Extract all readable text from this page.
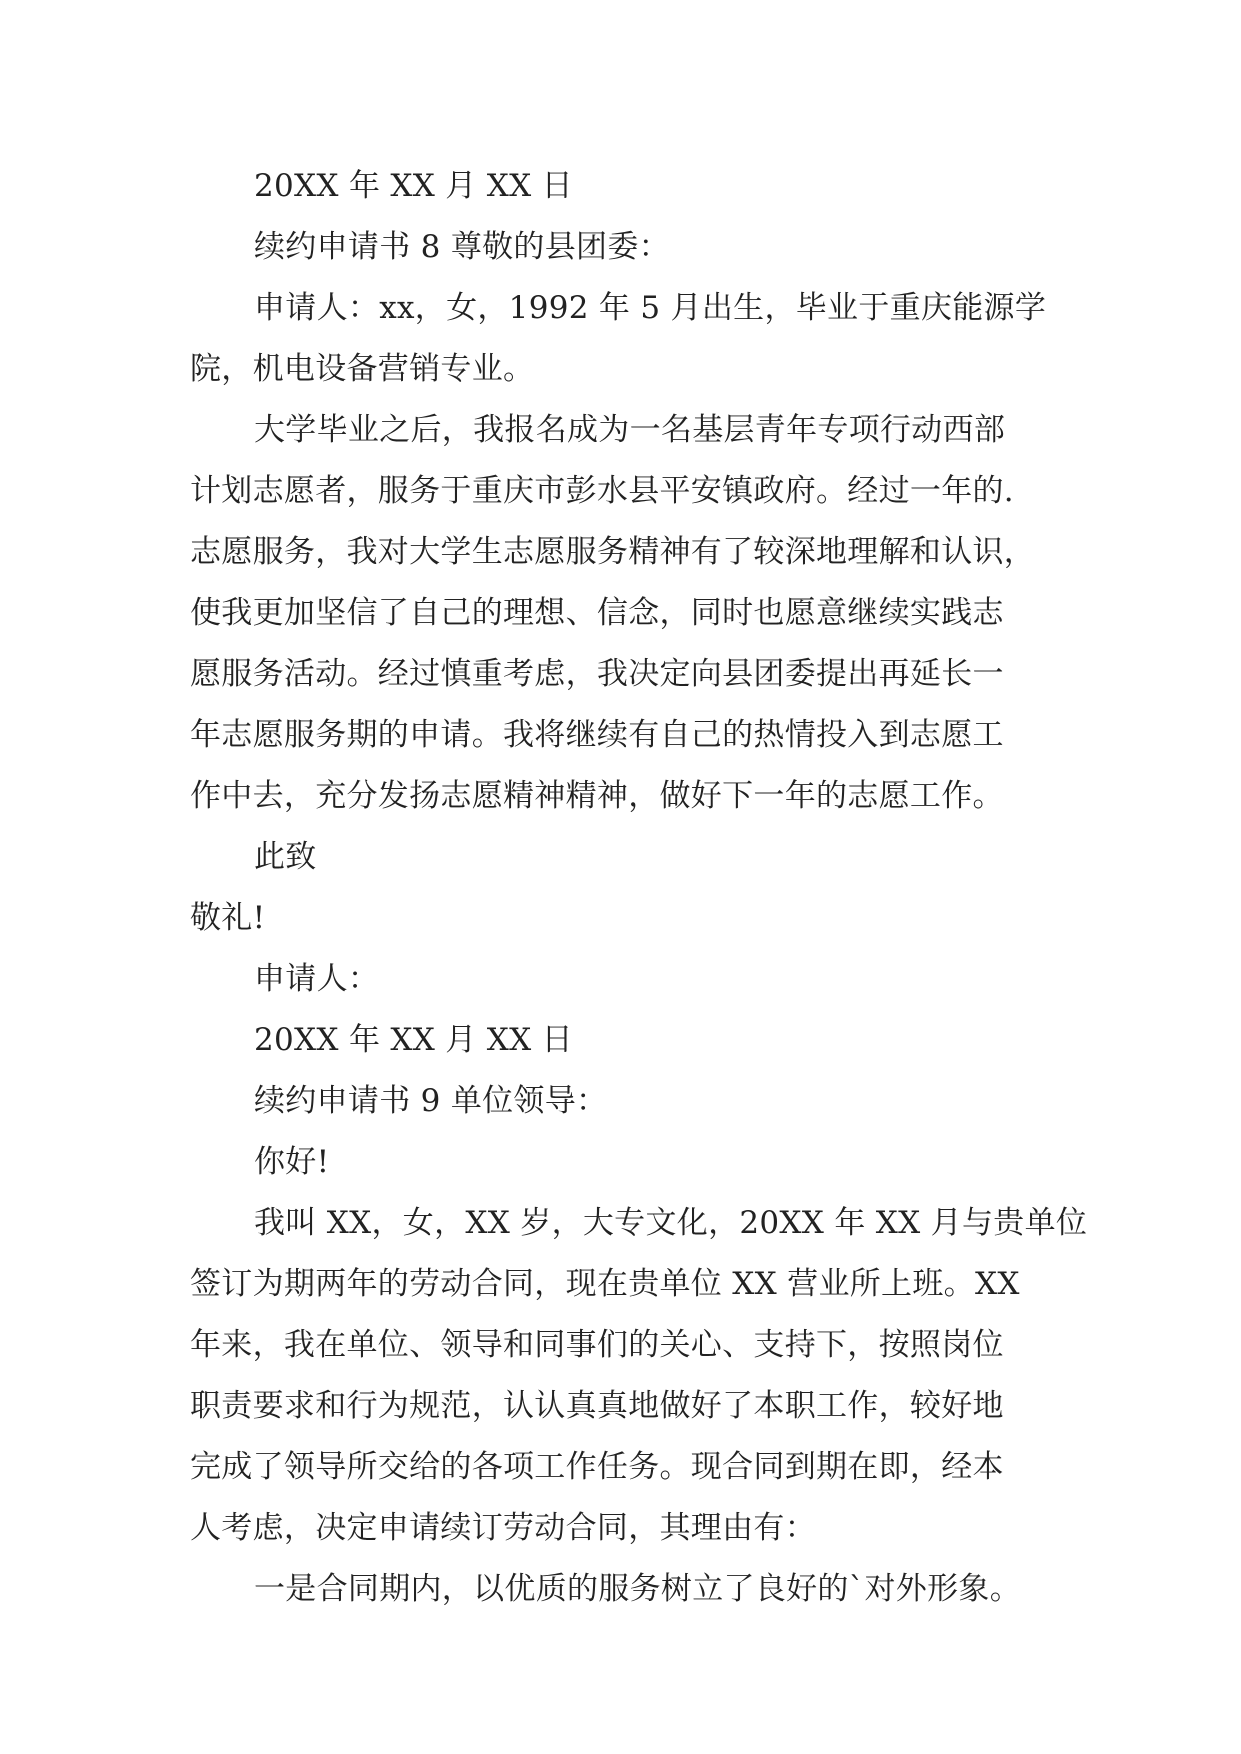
20XX 年 XX 月 XX 日
续约申请书 8 尊敬的县团委：
申请人：xx，女，1992 年 5 月出生，毕业于重庆能源学
院，机电设备营销专业。
大学毕业之后，我报名成为一名基层青年专项行动西部
计划志愿者，服务于重庆市彭水县平安镇政府。经过一年的.
志愿服务，我对大学生志愿服务精神有了较深地理解和认识，
使我更加坚信了自己的理想、信念，同时也愿意继续实践志
愿服务活动。经过慎重考虑，我决定向县团委提出再延长一
年志愿服务期的申请。我将继续有自己的热情投入到志愿工
作中去，充分发扬志愿精神精神，做好下一年的志愿工作。
此致
敬礼!
申请人：
20XX 年 XX 月 XX 日
续约申请书 9 单位领导：
你好!
我叫 XX，女，XX 岁，大专文化，20XX 年 XX 月与贵单位
签订为期两年的劳动合同，现在贵单位 XX 营业所上班。XX
年来，我在单位、领导和同事们的关心、支持下，按照岗位
职责要求和行为规范，认认真真地做好了本职工作，较好地
完成了领导所交给的各项工作任务。现合同到期在即，经本
人考虑，决定申请续订劳动合同，其理由有：
一是合同期内，以优质的服务树立了良好的`对外形象。
